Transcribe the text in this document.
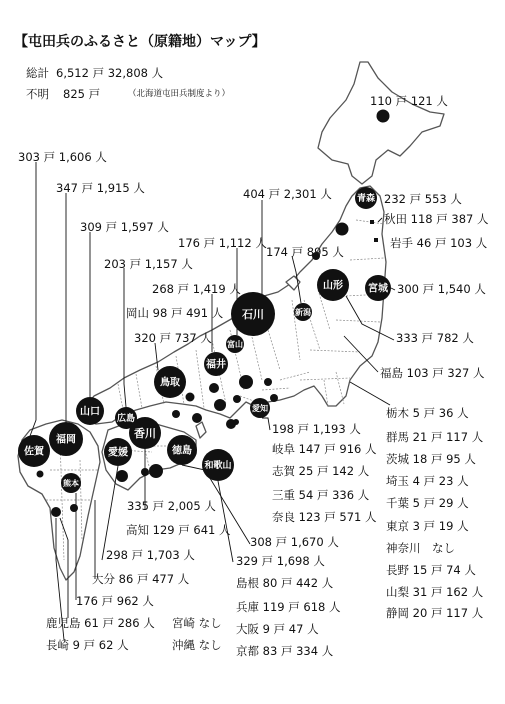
青森
宮城
山形
新潟
石川
富山
福井
鳥取
愛知
広島
山口
香川
徳島
和歌山
愛媛
福岡
佐賀
熊本
【屯田兵のふるさと（原籍地）マップ】
総計 6,512 戸 32,808 人
不明 825 戸	（北海道屯田兵制度より）	110 戸 121 人
303 戸 1,606 人
347 戸 1,915 人
309 戸 1,597 人
203 戸 1,157 人
404 戸 2,301 人	232 戸 553 人
秋田 118 戸 387 人
岩手 46 戸 103 人
176 戸 1,112 人
174 戸 895 人
268 戸 1,419 人
岡山 98 戸 491 人
300 戸 1,540 人
320 戸 737 人	333 戸 782 人
福島 103 戸 327 人
栃木 5 戸 36 人
198 戸 1,193 人
群馬 21 戸 117 人
岐阜 147 戸 916 人
茨城 18 戸 95 人
志賀 25 戸 142 人
埼玉 4 戸 23 人
三重 54 戸 336 人
千葉 5 戸 29 人
奈良 123 戸 571 人
東京 3 戸 19 人
335 戸 2,005 人
高知 129 戸 641 人
神奈川　なし
308 戸 1,670 人
298 戸 1,703 人	329 戸 1,698 人
長野 15 戸 74 人
大分 86 戸 477 人	島根 80 戸 442 人
山梨 31 戸 162 人
176 戸 962 人	兵庫 119 戸 618 人	静岡 20 戸 117 人
鹿児島 61 戸 286 人 宮崎 なし 大阪 9 戸 47 人
長崎 9 戸 62 人	沖縄 なし 京都 83 戸 334 人
